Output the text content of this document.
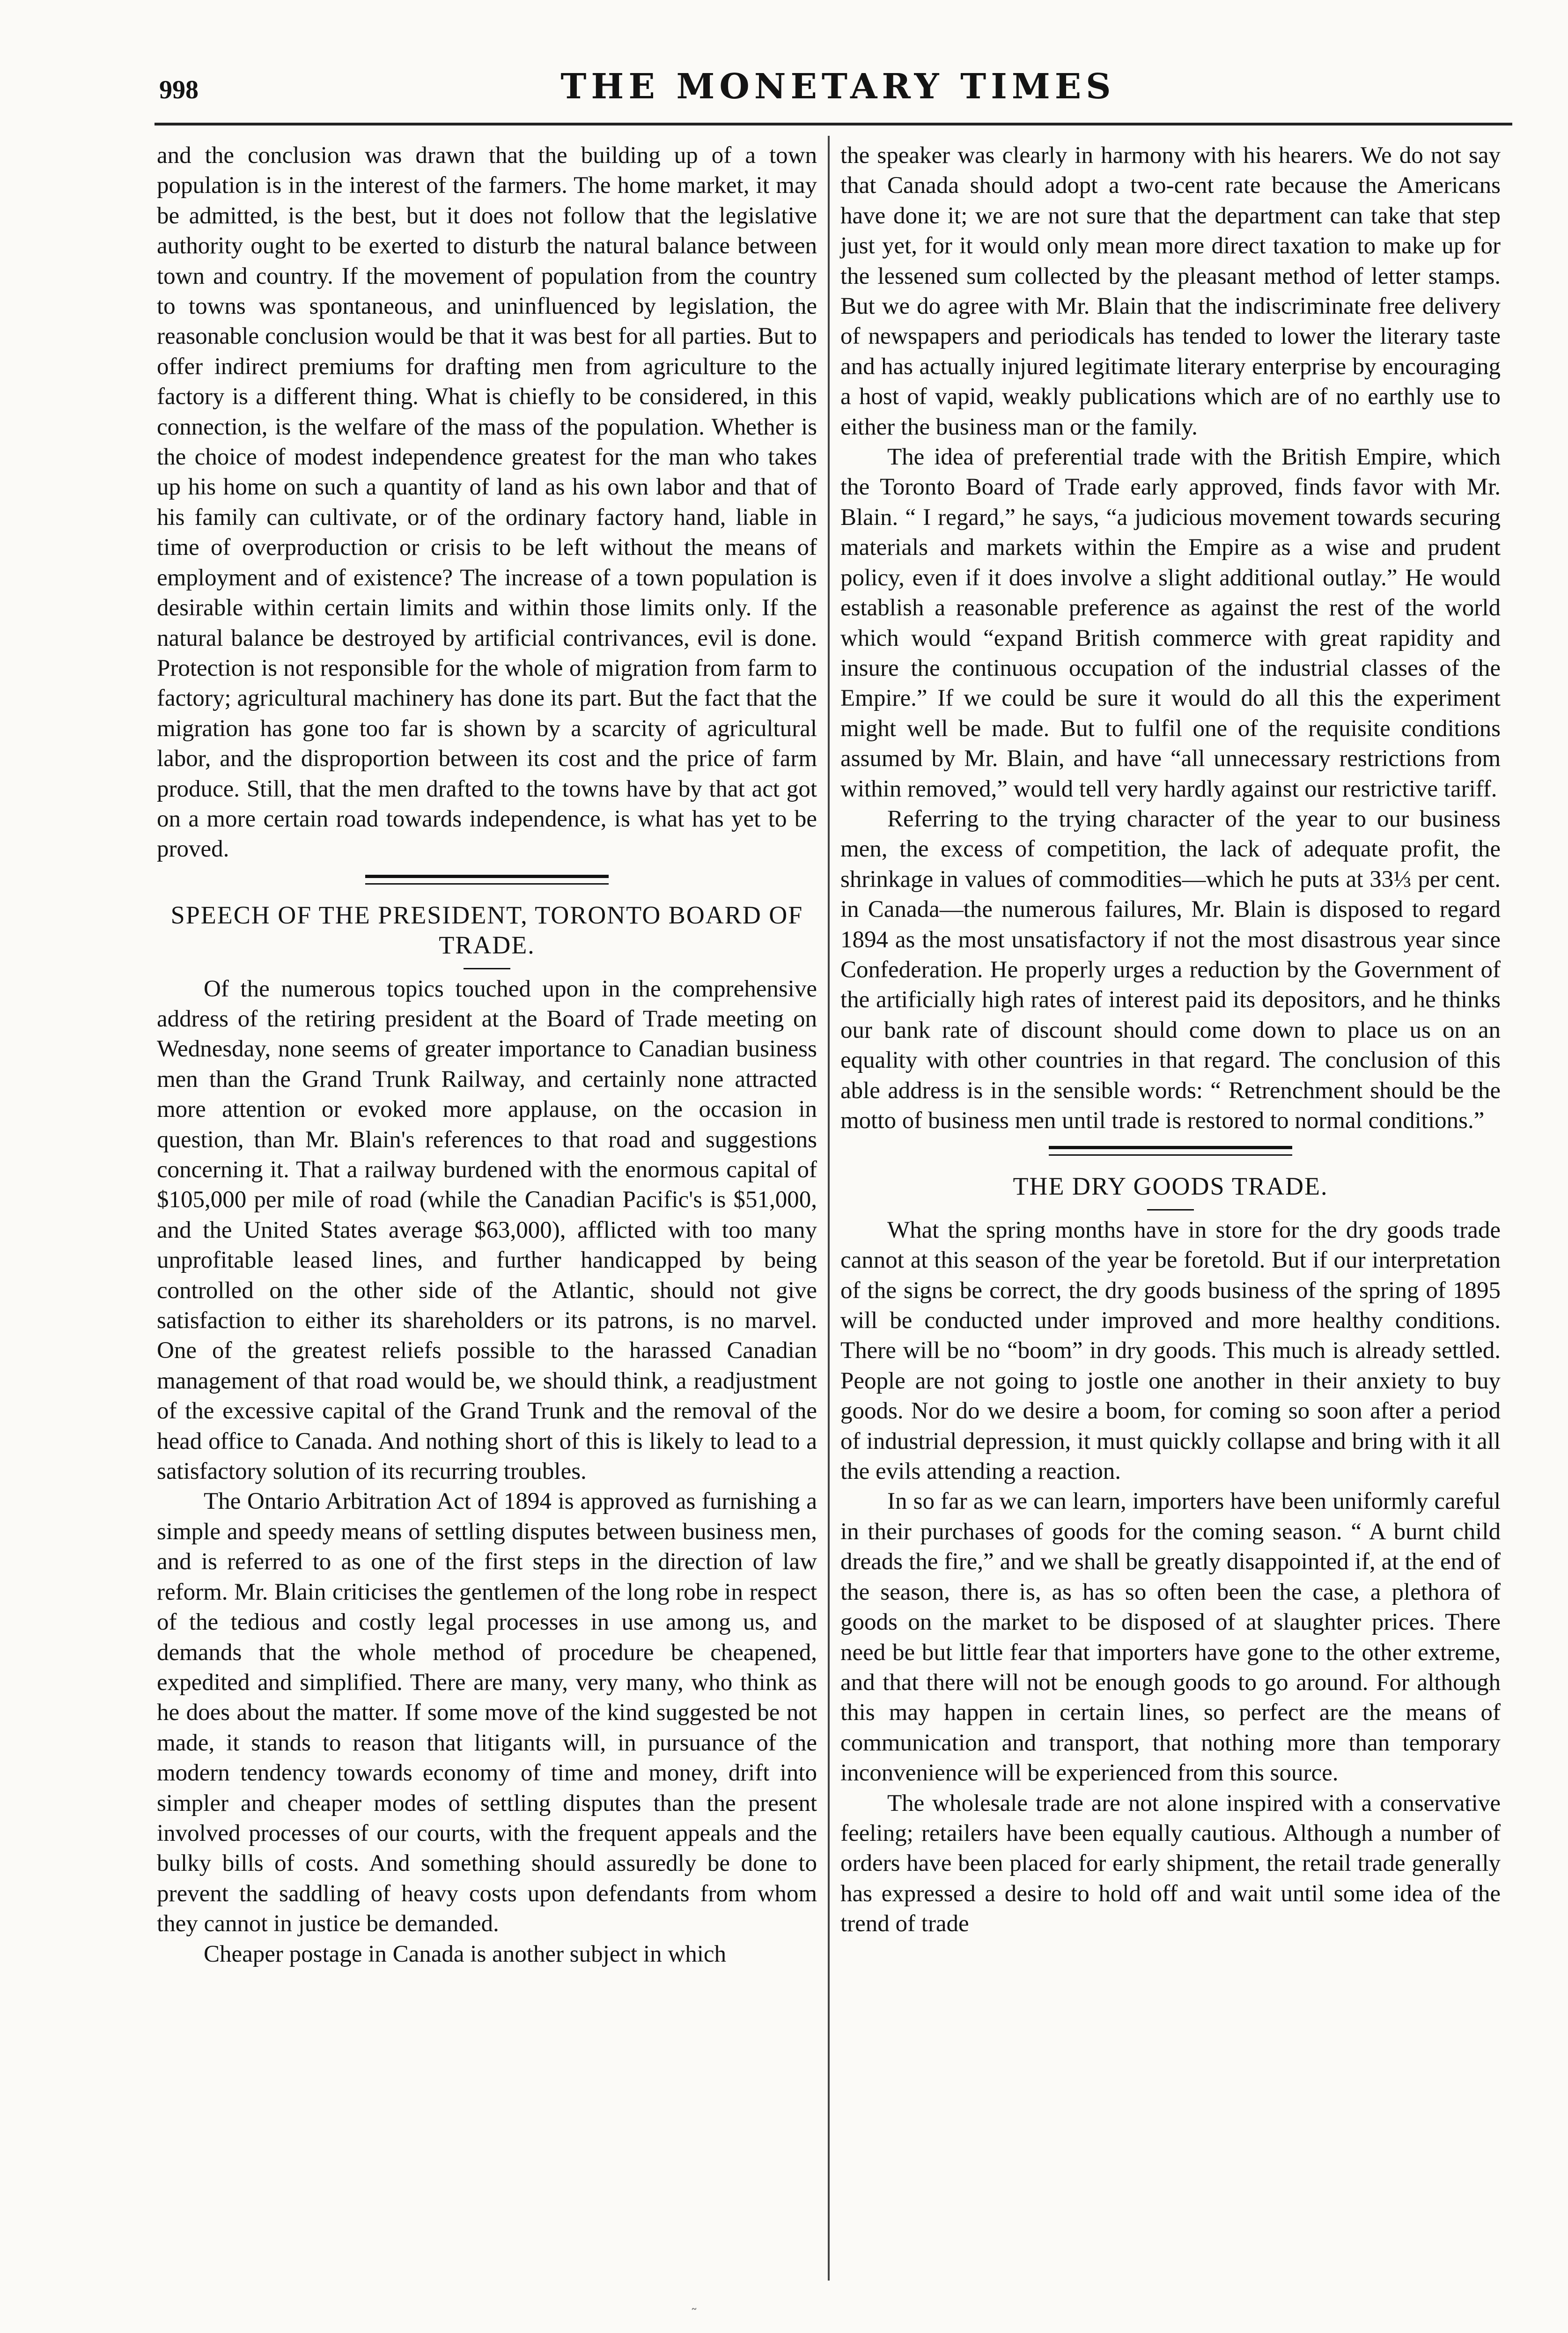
998	THE MONETARY TIMES

and the conclusion was drawn that the building up of a town population is in the interest of the farmers. The home market, it may be admitted, is the best, but it does not follow that the legislative authority ought to be exerted to disturb the natural balance between town and country. If the movement of population from the country to towns was spontaneous, and uninfluenced by legislation, the reasonable conclusion would be that it was best for all parties. But to offer indirect premiums for drafting men from agriculture to the factory is a different thing. What is chiefly to be considered, in this connection, is the welfare of the mass of the population. Whether is the choice of modest independence greatest for the man who takes up his home on such a quantity of land as his own labor and that of his family can cultivate, or of the ordinary factory hand, liable in time of overproduction or crisis to be left without the means of employment and of existence? The increase of a town population is desirable within certain limits and within those limits only. If the natural balance be destroyed by artificial contrivances, evil is done. Protection is not responsible for the whole of migration from farm to factory; agricultural machinery has done its part. But the fact that the migration has gone too far is shown by a scarcity of agricultural labor, and the disproportion between its cost and the price of farm produce. Still, that the men drafted to the towns have by that act got on a more certain road towards independence, is what has yet to be proved.

SPEECH OF THE PRESIDENT, TORONTO BOARD OF TRADE.

Of the numerous topics touched upon in the comprehensive address of the retiring president at the Board of Trade meeting on Wednesday, none seems of greater importance to Canadian business men than the Grand Trunk Railway, and certainly none attracted more attention or evoked more applause, on the occasion in question, than Mr. Blain's references to that road and suggestions concerning it. That a railway burdened with the enormous capital of $105,000 per mile of road (while the Canadian Pacific's is $51,000, and the United States average $63,000), afflicted with too many unprofitable leased lines, and further handicapped by being controlled on the other side of the Atlantic, should not give satisfaction to either its shareholders or its patrons, is no marvel. One of the greatest reliefs possible to the harassed Canadian management of that road would be, we should think, a readjustment of the excessive capital of the Grand Trunk and the removal of the head office to Canada. And nothing short of this is likely to lead to a satisfactory solution of its recurring troubles.

The Ontario Arbitration Act of 1894 is approved as furnishing a simple and speedy means of settling disputes between business men, and is referred to as one of the first steps in the direction of law reform. Mr. Blain criticises the gentlemen of the long robe in respect of the tedious and costly legal processes in use among us, and demands that the whole method of procedure be cheapened, expedited and simplified. There are many, very many, who think as he does about the matter. If some move of the kind suggested be not made, it stands to reason that litigants will, in pursuance of the modern tendency towards economy of time and money, drift into simpler and cheaper modes of settling disputes than the present involved processes of our courts, with the frequent appeals and the bulky bills of costs. And something should assuredly be done to prevent the saddling of heavy costs upon defendants from whom they cannot in justice be demanded.

Cheaper postage in Canada is another subject in which

the speaker was clearly in harmony with his hearers. We do not say that Canada should adopt a two-cent rate because the Americans have done it; we are not sure that the department can take that step just yet, for it would only mean more direct taxation to make up for the lessened sum collected by the pleasant method of letter stamps. But we do agree with Mr. Blain that the indiscriminate free delivery of newspapers and periodicals has tended to lower the literary taste and has actually injured legitimate literary enterprise by encouraging a host of vapid, weakly publications which are of no earthly use to either the business man or the family.

The idea of preferential trade with the British Empire, which the Toronto Board of Trade early approved, finds favor with Mr. Blain. “ I regard,” he says, “a judicious movement towards securing materials and markets within the Empire as a wise and prudent policy, even if it does involve a slight additional outlay.” He would establish a reasonable preference as against the rest of the world which would “expand British commerce with great rapidity and insure the continuous occupation of the industrial classes of the Empire.” If we could be sure it would do all this the experiment might well be made. But to fulfil one of the requisite conditions assumed by Mr. Blain, and have “all unnecessary restrictions from within removed,” would tell very hardly against our restrictive tariff.

Referring to the trying character of the year to our business men, the excess of competition, the lack of adequate profit, the shrinkage in values of commodities—which he puts at 33⅓ per cent. in Canada—the numerous failures, Mr. Blain is disposed to regard 1894 as the most unsatisfactory if not the most disastrous year since Confederation. He properly urges a reduction by the Government of the artificially high rates of interest paid its depositors, and he thinks our bank rate of discount should come down to place us on an equality with other countries in that regard. The conclusion of this able address is in the sensible words: “ Retrenchment should be the motto of business men until trade is restored to normal conditions.”

THE DRY GOODS TRADE.

What the spring months have in store for the dry goods trade cannot at this season of the year be foretold. But if our interpretation of the signs be correct, the dry goods business of the spring of 1895 will be conducted under improved and more healthy conditions. There will be no “boom” in dry goods. This much is already settled. People are not going to jostle one another in their anxiety to buy goods. Nor do we desire a boom, for coming so soon after a period of industrial depression, it must quickly collapse and bring with it all the evils attending a reaction.

In so far as we can learn, importers have been uniformly careful in their purchases of goods for the coming season. “ A burnt child dreads the fire,” and we shall be greatly disappointed if, at the end of the season, there is, as has so often been the case, a plethora of goods on the market to be disposed of at slaughter prices. There need be but little fear that importers have gone to the other extreme, and that there will not be enough goods to go around. For although this may happen in certain lines, so perfect are the means of communication and transport, that nothing more than temporary inconvenience will be experienced from this source.

The wholesale trade are not alone inspired with a conservative feeling; retailers have been equally cautious. Although a number of orders have been placed for early shipment, the retail trade generally has expressed a desire to hold off and wait until some idea of the trend of trade

˜
